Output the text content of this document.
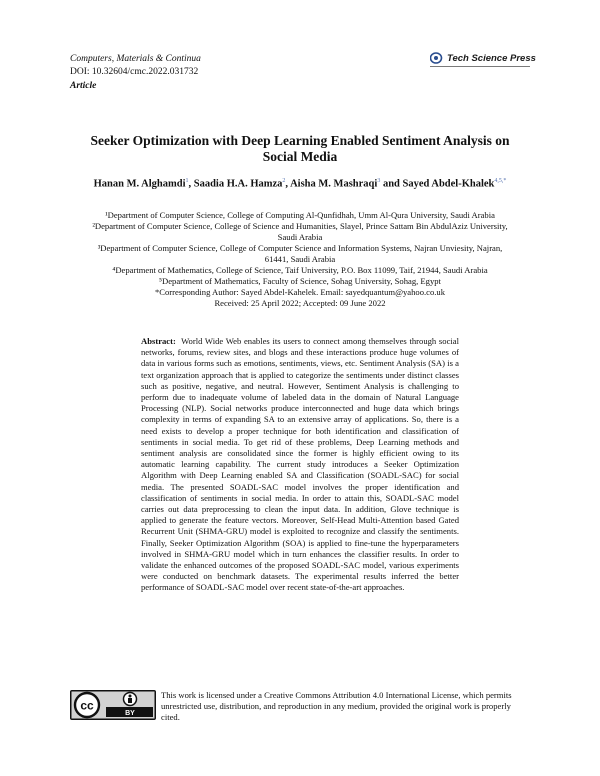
Computers, Materials & Continua
DOI: 10.32604/cmc.2022.031732
Article
Tech Science Press
Seeker Optimization with Deep Learning Enabled Sentiment Analysis on
Social Media
Hanan M. Alghamdi$^1$, Saadia H.A. Hamza$^2$, Aisha M. Mashraqi$^3$ and Sayed Abdel-Khalek$^{4,5,*}$
¹Department of Computer Science, College of Computing Al-Qunfidhah, Umm Al-Qura University, Saudi Arabia
²Department of Computer Science, College of Science and Humanities, Slayel, Prince Sattam Bin AbdulAziz University,
Saudi Arabia
³Department of Computer Science, College of Computer Science and Information Systems, Najran Unviesity, Najran,
61441, Saudi Arabia
⁴Department of Mathematics, College of Science, Taif University, P.O. Box 11099, Taif, 21944, Saudi Arabia
⁵Department of Mathematics, Faculty of Science, Sohag University, Sohag, Egypt
*Corresponding Author: Sayed Abdel-Kahelek. Email: sayedquantum@yahoo.co.uk
Received: 25 April 2022; Accepted: 09 June 2022
Abstract: World Wide Web enables its users to connect among themselves through social networks, forums, review sites, and blogs and these interactions produce huge volumes of data in various forms such as emotions, sentiments, views, etc. Sentiment Analysis (SA) is a text organization approach that is applied to categorize the sentiments under distinct classes such as positive, negative, and neutral. However, Sentiment Analysis is challenging to perform due to inadequate volume of labeled data in the domain of Natural Language Processing (NLP). Social networks produce interconnected and huge data which brings complexity in terms of expanding SA to an extensive array of applications. So, there is a need exists to develop a proper technique for both identification and classification of sentiments in social media. To get rid of these problems, Deep Learning methods and sentiment analysis are consolidated since the former is highly efficient owing to its automatic learning capability. The current study introduces a Seeker Optimization Algorithm with Deep Learning enabled SA and Classification (SOADL-SAC) for social media. The presented SOADL-SAC model involves the proper identification and classification of sentiments in social media. In order to attain this, SOADL-SAC model carries out data preprocessing to clean the input data. In addition, Glove technique is applied to generate the feature vectors. Moreover, Self-Head Multi-Attention based Gated Recurrent Unit (SHMA-GRU) model is exploited to recognize and classify the sentiments. Finally, Seeker Optimization Algorithm (SOA) is applied to fine-tune the hyperparameters involved in SHMA-GRU model which in turn enhances the classifier results. In order to validate the enhanced outcomes of the proposed SOADL-SAC model, various experiments were conducted on benchmark datasets. The experimental results inferred the better performance of SOADL-SAC model over recent state-of-the-art approaches.
cc
BY
This work is licensed under a Creative Commons Attribution 4.0 International License, which permits unrestricted use, distribution, and reproduction in any medium, provided the original work is properly cited.
